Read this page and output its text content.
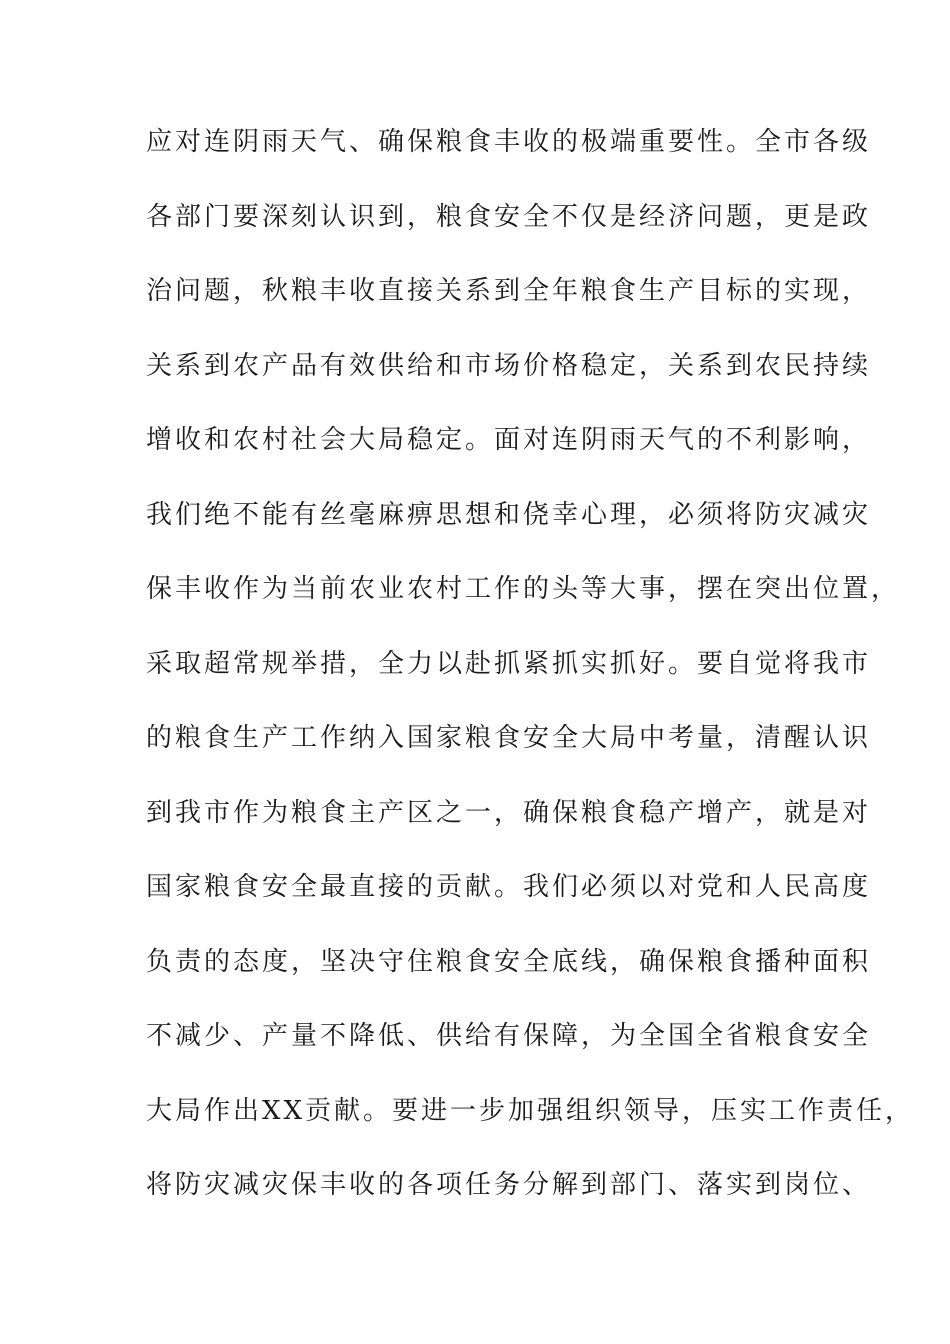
应对连阴雨天气、确保粮食丰收的极端重要性。全市各级
各部门要深刻认识到，粮食安全不仅是经济问题，更是政
治问题，秋粮丰收直接关系到全年粮食生产目标的实现，
关系到农产品有效供给和市场价格稳定，关系到农民持续
增收和农村社会大局稳定。面对连阴雨天气的不利影响，
我们绝不能有丝毫麻痹思想和侥幸心理，必须将防灾减灾
保丰收作为当前农业农村工作的头等大事，摆在突出位置，
采取超常规举措，全力以赴抓紧抓实抓好。要自觉将我市
的粮食生产工作纳入国家粮食安全大局中考量，清醒认识
到我市作为粮食主产区之一，确保粮食稳产增产，就是对
国家粮食安全最直接的贡献。我们必须以对党和人民高度
负责的态度，坚决守住粮食安全底线，确保粮食播种面积
不减少、产量不降低、供给有保障，为全国全省粮食安全
大局作出XX贡献。要进一步加强组织领导，压实工作责任，
将防灾减灾保丰收的各项任务分解到部门、落实到岗位、
